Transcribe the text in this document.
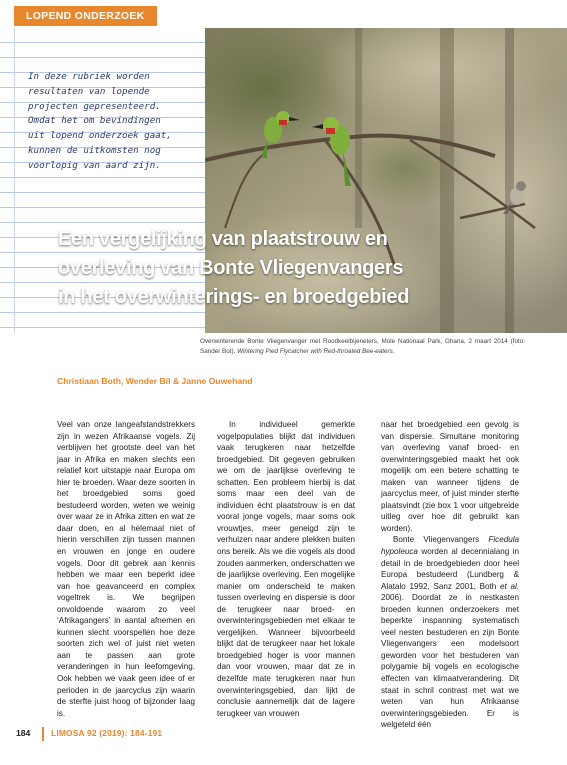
LOPEND ONDERZOEK
In deze rubriek worden
resultaten van lopende
projecten gepresenteerd.
Omdat het om bevindingen
uit lopend onderzoek gaat,
kunnen de uitkomsten nog
voorlopig van aard zijn.
Een vergelijking van plaatstrouw en
overleving van Bonte Vliegenvangers
in het overwinterings- en broedgebied
Overwinterende Bonte Vliegenvanger met Roodkeelbijeneters, Mole Nationaal Park, Ghana, 2 maart 2014 (foto: Sander Bot). Wintering Pied Flycatcher with Red-throated Bee-eaters.
Christiaan Both, Wender Bil & Janne Ouwehand

Veel van onze langeafstandstrekkers zijn in wezen Afrikaanse vogels. Zij verblijven het grootste deel van het jaar in Afrika en maken slechts een relatief kort uitstapje naar Europa om hier te broeden. Waar deze soorten in het broedgebied soms goed bestudeerd worden, weten we weinig over waar ze in Afrika zitten en wat ze daar doen, en al helemaal niet of hierin verschillen zijn tussen mannen en vrouwen en jonge en oudere vogels. Door dit gebrek aan kennis hebben we maar een beperkt idee van hoe geavanceerd en complex vogeltrek is. We begrijpen onvoldoende waarom zo veel ‘Afrikagangers’ in aantal afnemen en kunnen slecht voorspellen hoe deze soorten zich wel of juist niet weten aan te passen aan grote veranderingen in hun leefomgeving. Ook hebben we vaak geen idee of er perioden in de jaarcyclus zijn waarin de sterfte juist hoog of bijzonder laag is.

In individueel gemerkte vogelpopulaties blijkt dat individuen vaak terugkeren naar hetzelfde broedgebied. Dit gegeven gebruiken we om de jaarlijkse overleving te schatten. Een probleem hierbij is dat soms maar een deel van de individuen écht plaatstrouw is en dat vooral jonge vogels, maar soms ook vrouwtjes, meer geneigd zijn te verhuizen naar andere plekken buiten ons bereik. Als we die vogels als dood zouden aanmerken, onderschatten we de jaarlijkse overleving. Een mogelijke manier om onderscheid te maken tussen overleving en dispersie is door de terugkeer naar broed- en overwinteringsgebieden met elkaar te vergelijken. Wanneer bijvoorbeeld blijkt dat de terugkeer naar het lokale broedgebied hoger is voor mannen dan voor vrouwen, maar dat ze in dezelfde mate terugkeren naar hun overwinteringsgebied, dan lijkt de conclusie aannemelijk dat de lagere terugkeer van vrouwen

naar het broedgebied een gevolg is van dispersie. Simultane monitoring van overleving vanaf broed- en overwinteringsgebied maakt het ook mogelijk om een betere schatting te maken van wanneer tijdens de jaarcyclus meer, of juist minder sterfte plaatsvindt (zie box 1 voor uitgebreide uitleg over hoe dit gebruikt kan worden).

Bonte Vliegenvangers Ficedula hypoleuca worden al decennialang in detail in de broedgebieden door heel Europa bestudeerd (Lundberg & Alatalo 1992, Sanz 2001, Both et al. 2006). Doordat ze in nestkasten broeden kunnen onderzoekers met beperkte inspanning systematisch veel nesten bestuderen en zijn Bonte Vliegenvangers een modelsoort geworden voor het bestuderen van polygamie bij vogels en ecologische effecten van klimaatverandering. Dit staat in schril contrast met wat we weten van hun Afrikaanse overwinteringsgebieden. Er is welgeteld één

184 LIMOSA 92 (2019): 184-191
